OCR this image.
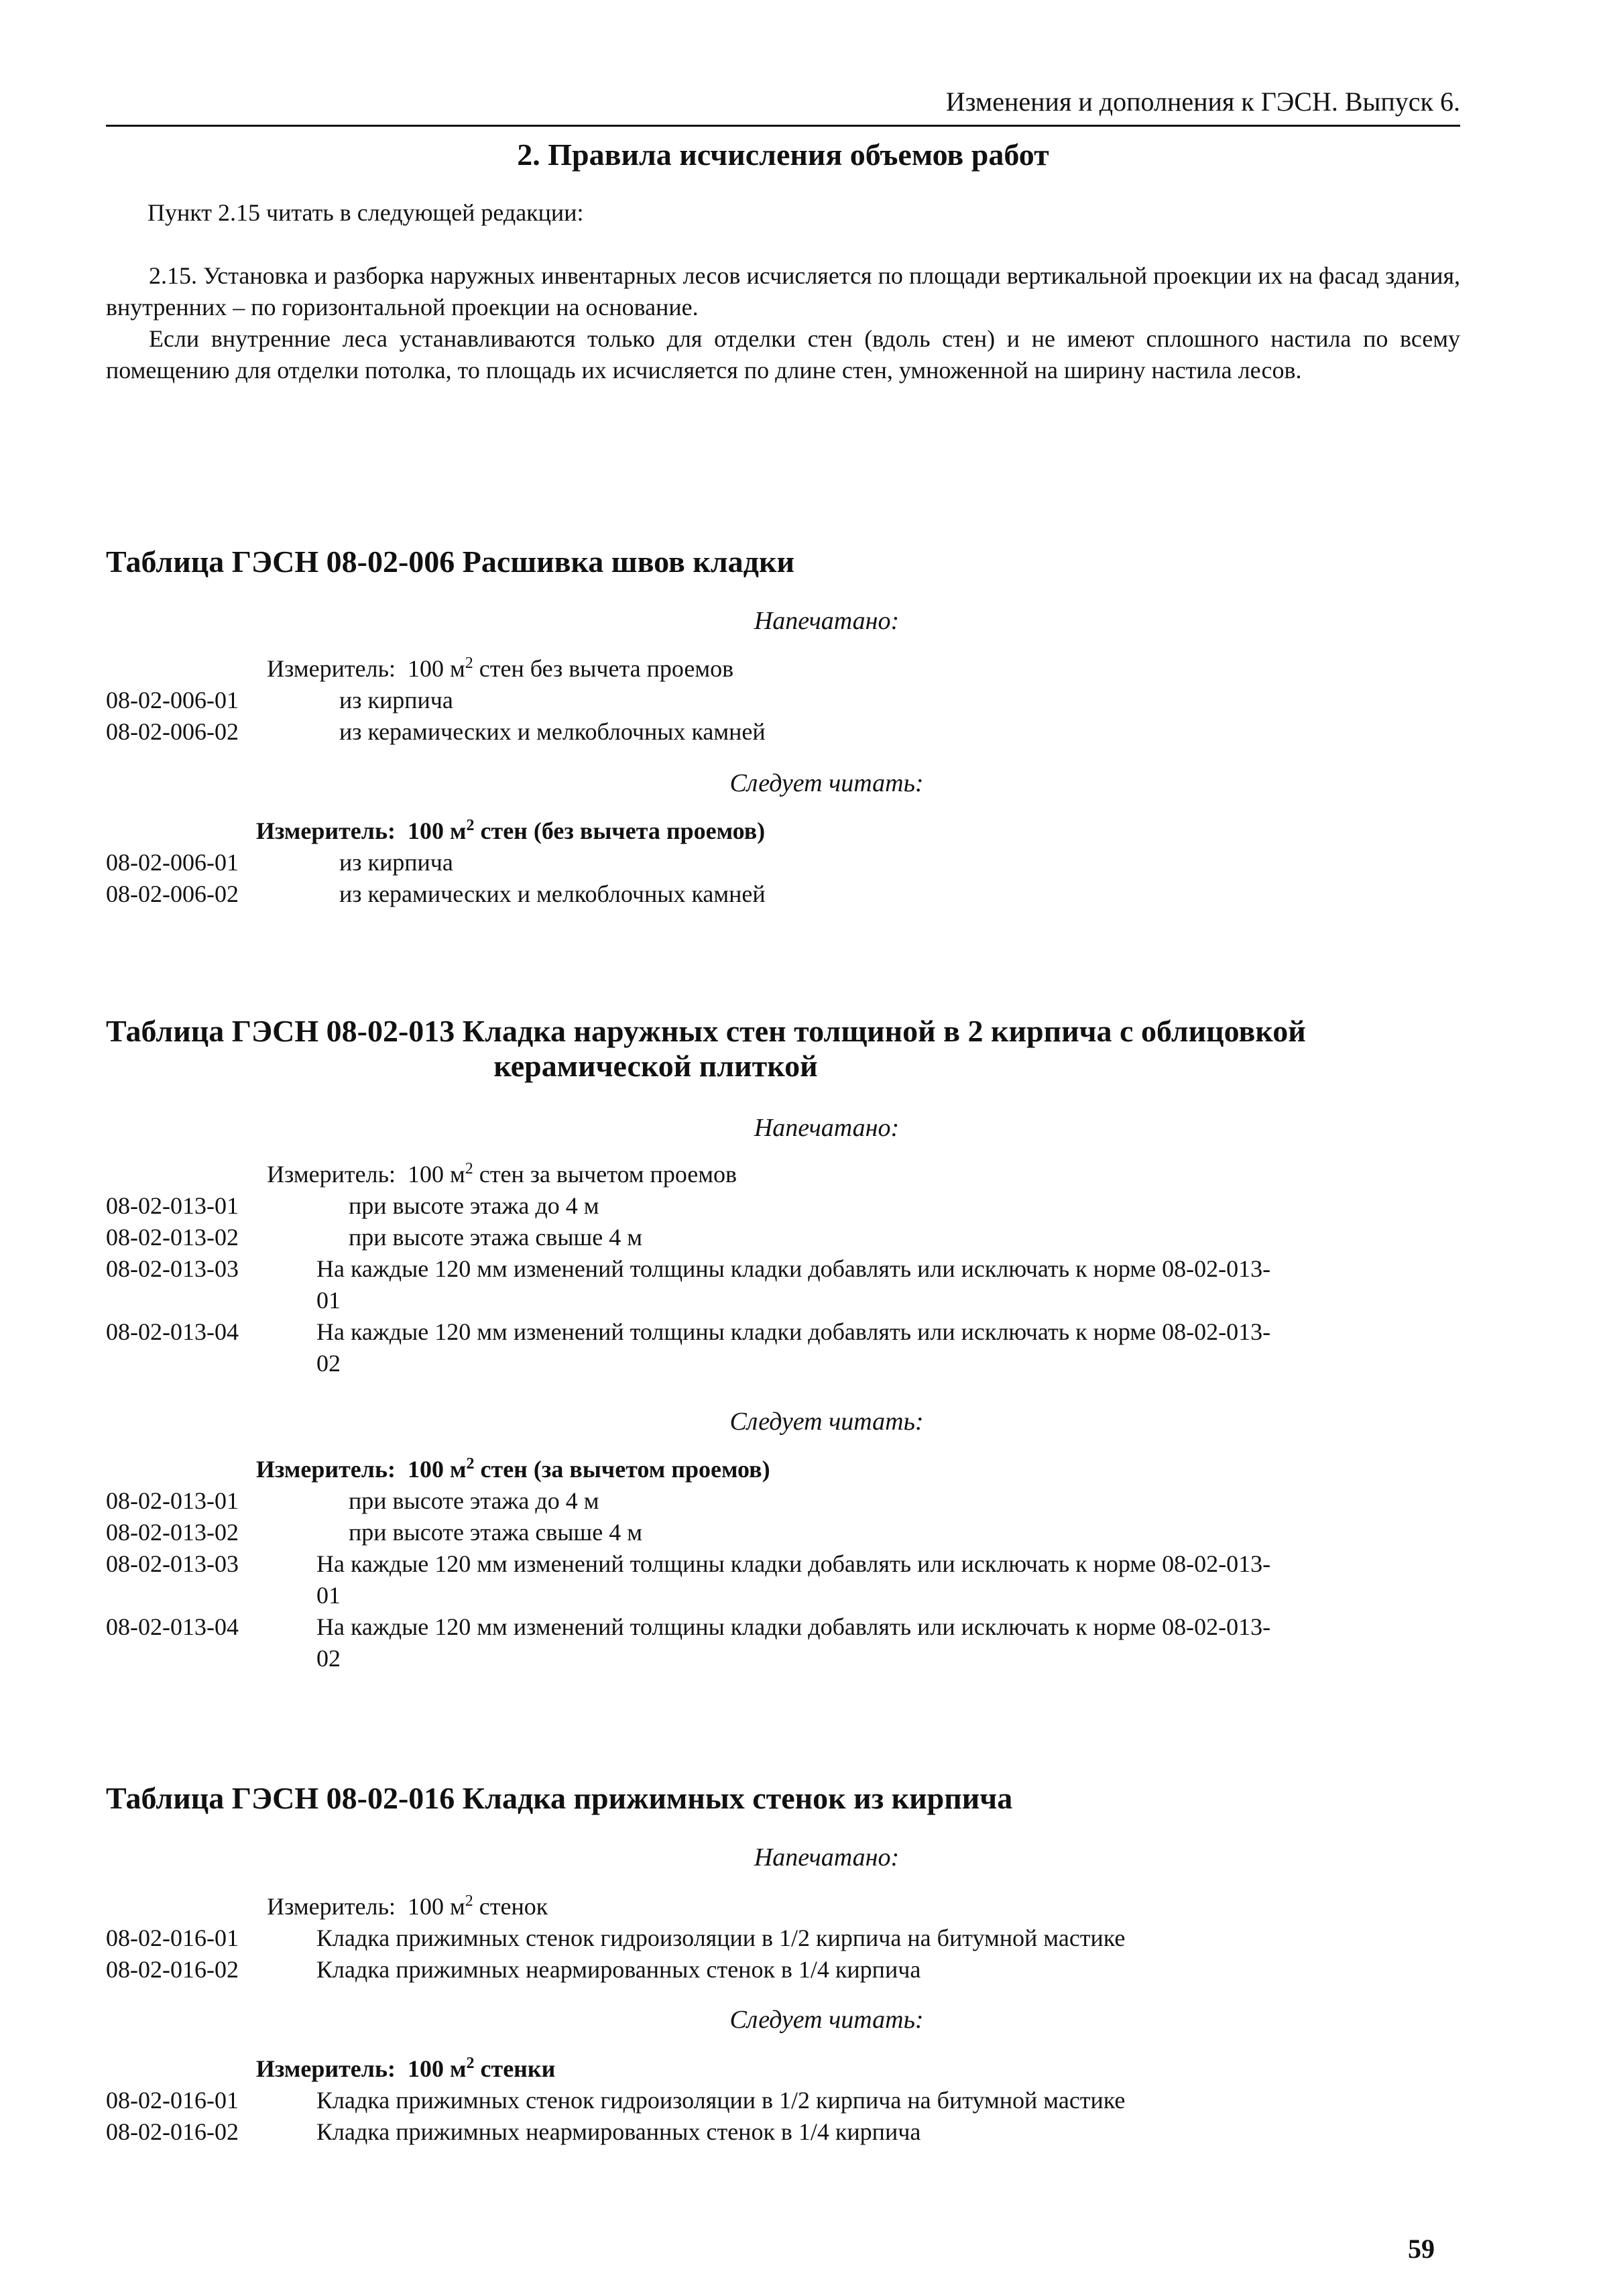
Изменения и дополнения к ГЭСН. Выпуск 6.
2. Правила исчисления объемов работ
Пункт 2.15 читать в следующей редакции:

2.15. Установка и разборка наружных инвентарных лесов исчисляется по площади вертикальной проекции их на фасад здания, внутренних – по горизонтальной проекции на основание.

Если внутренние леса устанавливаются только для отделки стен (вдоль стен) и не имеют сплошного настила по всему помещению для отделки потолка, то площадь их исчисляется по длине стен, умноженной на ширину настила лесов.

Таблица ГЭСН 08-02-006 Расшивка швов кладки
Напечатано:
Измеритель: 100 $м^2$ стен без вычета проемов
08-02-006-01	из кирпича
08-02-006-02	из керамических и мелкоблочных камней
Следует читать:
Измеритель: 100 $м^2$ стен (без вычета проемов)
08-02-006-01	из кирпича
08-02-006-02	из керамических и мелкоблочных камней
Таблица ГЭСН 08-02-013 Кладка наружных стен толщиной в 2 кирпича с облицовкой
керамической плиткой
Напечатано:
Измеритель: 100 $м^2$ стен за вычетом проемов
08-02-013-01	при высоте этажа до 4 м
08-02-013-02	при высоте этажа свыше 4 м
08-02-013-03	На каждые 120 мм изменений толщины кладки добавлять или исключать к норме 08-02-013-
01
08-02-013-04	На каждые 120 мм изменений толщины кладки добавлять или исключать к норме 08-02-013-
02
Следует читать:
Измеритель: 100 $м^2$ стен (за вычетом проемов)
08-02-013-01	при высоте этажа до 4 м
08-02-013-02	при высоте этажа свыше 4 м
08-02-013-03	На каждые 120 мм изменений толщины кладки добавлять или исключать к норме 08-02-013-
01
08-02-013-04	На каждые 120 мм изменений толщины кладки добавлять или исключать к норме 08-02-013-
02
Таблица ГЭСН 08-02-016 Кладка прижимных стенок из кирпича
Напечатано:
Измеритель: 100 $м^2$ стенок
08-02-016-01	Кладка прижимных стенок гидроизоляции в 1/2 кирпича на битумной мастике
08-02-016-02	Кладка прижимных неармированных стенок в 1/4 кирпича
Следует читать:
Измеритель: 100 $м^2$ стенки
08-02-016-01	Кладка прижимных стенок гидроизоляции в 1/2 кирпича на битумной мастике
08-02-016-02	Кладка прижимных неармированных стенок в 1/4 кирпича
59
